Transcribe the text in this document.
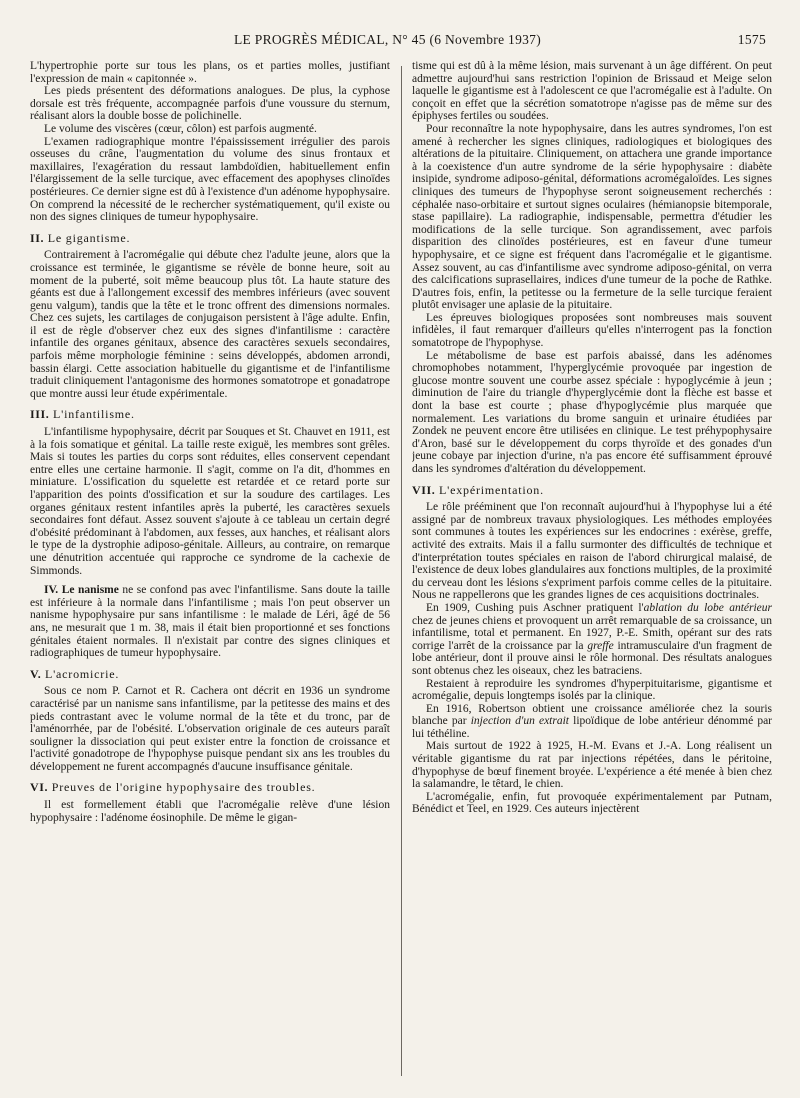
LE PROGRÈS MÉDICAL, N° 45 (6 Novembre 1937)	1575

L'hypertrophie porte sur tous les plans, os et parties molles, justifiant l'expression de main « capitonnée ».

Les pieds présentent des déformations analogues. De plus, la cyphose dorsale est très fréquente, accompagnée parfois d'une voussure du sternum, réalisant alors la double bosse de polichinelle.

Le volume des viscères (cœur, côlon) est parfois augmenté.

L'examen radiographique montre l'épaississement irrégulier des parois osseuses du crâne, l'augmentation du volume des sinus frontaux et maxillaires, l'exagération du ressaut lambdoïdien, habituellement enfin l'élargissement de la selle turcique, avec effacement des apophyses clinoïdes postérieures. Ce dernier signe est dû à l'existence d'un adénome hypophysaire. On comprend la nécessité de le rechercher systématiquement, qu'il existe ou non des signes cliniques de tumeur hypophysaire.

II. Le gigantisme.

Contrairement à l'acromégalie qui débute chez l'adulte jeune, alors que la croissance est terminée, le gigantisme se révèle de bonne heure, soit au moment de la puberté, soit même beaucoup plus tôt. La haute stature des géants est due à l'allongement excessif des membres inférieurs (avec souvent genu valgum), tandis que la tête et le tronc offrent des dimensions normales. Chez ces sujets, les cartilages de conjugaison persistent à l'âge adulte. Enfin, il est de règle d'observer chez eux des signes d'infantilisme : caractère infantile des organes génitaux, absence des caractères sexuels secondaires, parfois même morphologie féminine : seins développés, abdomen arrondi, bassin élargi. Cette association habituelle du gigantisme et de l'infantilisme traduit cliniquement l'antagonisme des hormones somatotrope et gonadatrope que montre aussi leur étude expérimentale.

III. L'infantilisme.

L'infantilisme hypophysaire, décrit par Souques et St. Chauvet en 1911, est à la fois somatique et génital. La taille reste exiguë, les membres sont grêles. Mais si toutes les parties du corps sont réduites, elles conservent cependant entre elles une certaine harmonie. Il s'agit, comme on l'a dit, d'hommes en miniature. L'ossification du squelette est retardée et ce retard porte sur l'apparition des points d'ossification et sur la soudure des cartilages. Les organes génitaux restent infantiles après la puberté, les caractères sexuels secondaires font défaut. Assez souvent s'ajoute à ce tableau un certain degré d'obésité prédominant à l'abdomen, aux fesses, aux hanches, et réalisant alors le type de la dystrophie adiposo-génitale. Ailleurs, au contraire, on remarque une dénutrition accentuée qui rapproche ce syndrome de la cachexie de Simmonds.

IV. Le nanisme ne se confond pas avec l'infantilisme. Sans doute la taille est inférieure à la normale dans l'infantilisme ; mais l'on peut observer un nanisme hypophysaire pur sans infantilisme : le malade de Léri, âgé de 56 ans, ne mesurait que 1 m. 38, mais il était bien proportionné et ses fonctions génitales étaient normales. Il n'existait par contre des signes cliniques et radiographiques de tumeur hypophysaire.

V. L'acromicrie.

Sous ce nom P. Carnot et R. Cachera ont décrit en 1936 un syndrome caractérisé par un nanisme sans infantilisme, par la petitesse des mains et des pieds contrastant avec le volume normal de la tête et du tronc, par de l'aménorrhée, par de l'obésité. L'observation originale de ces auteurs paraît souligner la dissociation qui peut exister entre la fonction de croissance et l'activité gonadotrope de l'hypophyse puisque pendant six ans les troubles du développement ne furent accompagnés d'aucune insuffisance génitale.

VI. Preuves de l'origine hypophysaire des troubles.

Il est formellement établi que l'acromégalie relève d'une lésion hypophysaire : l'adénome éosinophile. De même le gigan-

tisme qui est dû à la même lésion, mais survenant à un âge différent. On peut admettre aujourd'hui sans restriction l'opinion de Brissaud et Meige selon laquelle le gigantisme est à l'adolescent ce que l'acromégalie est à l'adulte. On conçoit en effet que la sécrétion somatotrope n'agisse pas de même sur des épiphyses fertiles ou soudées.

Pour reconnaître la note hypophysaire, dans les autres syndromes, l'on est amené à rechercher les signes cliniques, radiologiques et biologiques des altérations de la pituitaire. Cliniquement, on attachera une grande importance à la coexistence d'un autre syndrome de la série hypophysaire : diabète insipide, syndrome adiposo-génital, déformations acromégaloïdes. Les signes cliniques des tumeurs de l'hypophyse seront soigneusement recherchés : céphalée naso-orbitaire et surtout signes oculaires (hémianopsie bitemporale, stase papillaire). La radiographie, indispensable, permettra d'étudier les modifications de la selle turcique. Son agrandissement, avec parfois disparition des clinoïdes postérieures, est en faveur d'une tumeur hypophysaire, et ce signe est fréquent dans l'acromégalie et le gigantisme. Assez souvent, au cas d'infantilisme avec syndrome adiposo-génital, on verra des calcifications suprasellaires, indices d'une tumeur de la poche de Rathke. D'autres fois, enfin, la petitesse ou la fermeture de la selle turcique feraient plutôt envisager une aplasie de la pituitaire.

Les épreuves biologiques proposées sont nombreuses mais souvent infidèles, il faut remarquer d'ailleurs qu'elles n'interrogent pas la fonction somatotrope de l'hypophyse.

Le métabolisme de base est parfois abaissé, dans les adénomes chromophobes notamment, l'hyperglycémie provoquée par ingestion de glucose montre souvent une courbe assez spéciale : hypoglycémie à jeun ; diminution de l'aire du triangle d'hyperglycémie dont la flèche est basse et dont la base est courte ; phase d'hypoglycémie plus marquée que normalement. Les variations du brome sanguin et urinaire étudiées par Zondek ne peuvent encore être utilisées en clinique. Le test préhypophysaire d'Aron, basé sur le développement du corps thyroïde et des gonades d'un jeune cobaye par injection d'urine, n'a pas encore été suffisamment éprouvé dans les syndromes d'altération du développement.

VII. L'expérimentation.

Le rôle prééminent que l'on reconnaît aujourd'hui à l'hypophyse lui a été assigné par de nombreux travaux physiologiques. Les méthodes employées sont communes à toutes les expériences sur les endocrines : exérèse, greffe, activité des extraits. Mais il a fallu surmonter des difficultés de technique et d'interprétation toutes spéciales en raison de l'abord chirurgical malaisé, de l'existence de deux lobes glandulaires aux fonctions multiples, de la proximité du cerveau dont les lésions s'expriment parfois comme celles de la pituitaire. Nous ne rappellerons que les grandes lignes de ces acquisitions doctrinales.

En 1909, Cushing puis Aschner pratiquent l'ablation du lobe antérieur chez de jeunes chiens et provoquent un arrêt remarquable de sa croissance, un infantilisme, total et permanent. En 1927, P.-E. Smith, opérant sur des rats corrige l'arrêt de la croissance par la greffe intramusculaire d'un fragment de lobe antérieur, dont il prouve ainsi le rôle hormonal. Des résultats analogues sont obtenus chez les oiseaux, chez les batraciens.

Restaient à reproduire les syndromes d'hyperpituitarisme, gigantisme et acromégalie, depuis longtemps isolés par la clinique.

En 1916, Robertson obtient une croissance améliorée chez la souris blanche par injection d'un extrait lipoïdique de lobe antérieur dénommé par lui téthéline.

Mais surtout de 1922 à 1925, H.-M. Evans et J.-A. Long réalisent un véritable gigantisme du rat par injections répétées, dans le péritoine, d'hypophyse de bœuf finement broyée. L'expérience a été menée à bien chez la salamandre, le têtard, le chien.

L'acromégalie, enfin, fut provoquée expérimentalement par Putnam, Bénédict et Teel, en 1929. Ces auteurs injectèrent
